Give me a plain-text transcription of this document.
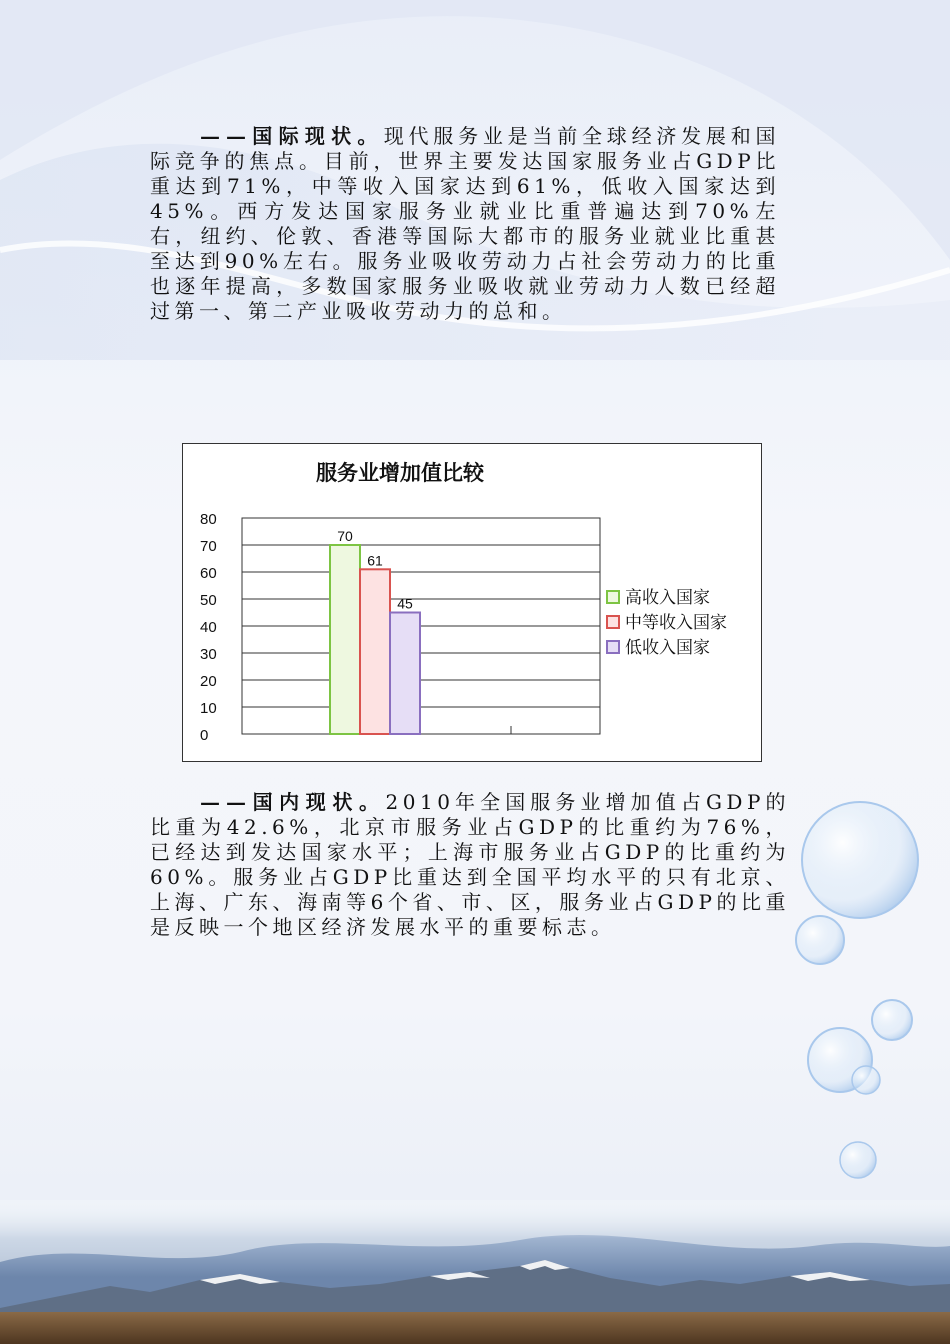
——国际现状。现代服务业是当前全球经济发展和国际竞争的焦点。目前，世界主要发达国家服务业占GDP比重达到71%，中等收入国家达到61%，低收入国家达到45%。西方发达国家服务业就业比重普遍达到70%左右，纽约、伦敦、香港等国际大都市的服务业就业比重甚至达到90%左右。服务业吸收劳动力占社会劳动力的比重也逐年提高，多数国家服务业吸收就业劳动力人数已经超过第一、第二产业吸收劳动力的总和。

服务业增加值比较
0
10
20
30
40
50
60
70
80
70
61
45	高收入国家
中等收入国家
低收入国家

——国内现状。2010年全国服务业增加值占GDP的比重为42.6%，北京市服务业占GDP的比重约为76%，已经达到发达国家水平；上海市服务业占GDP的比重约为60%。服务业占GDP比重达到全国平均水平的只有北京、上海、广东、海南等6个省、市、区，服务业占GDP的比重是反映一个地区经济发展水平的重要标志。
